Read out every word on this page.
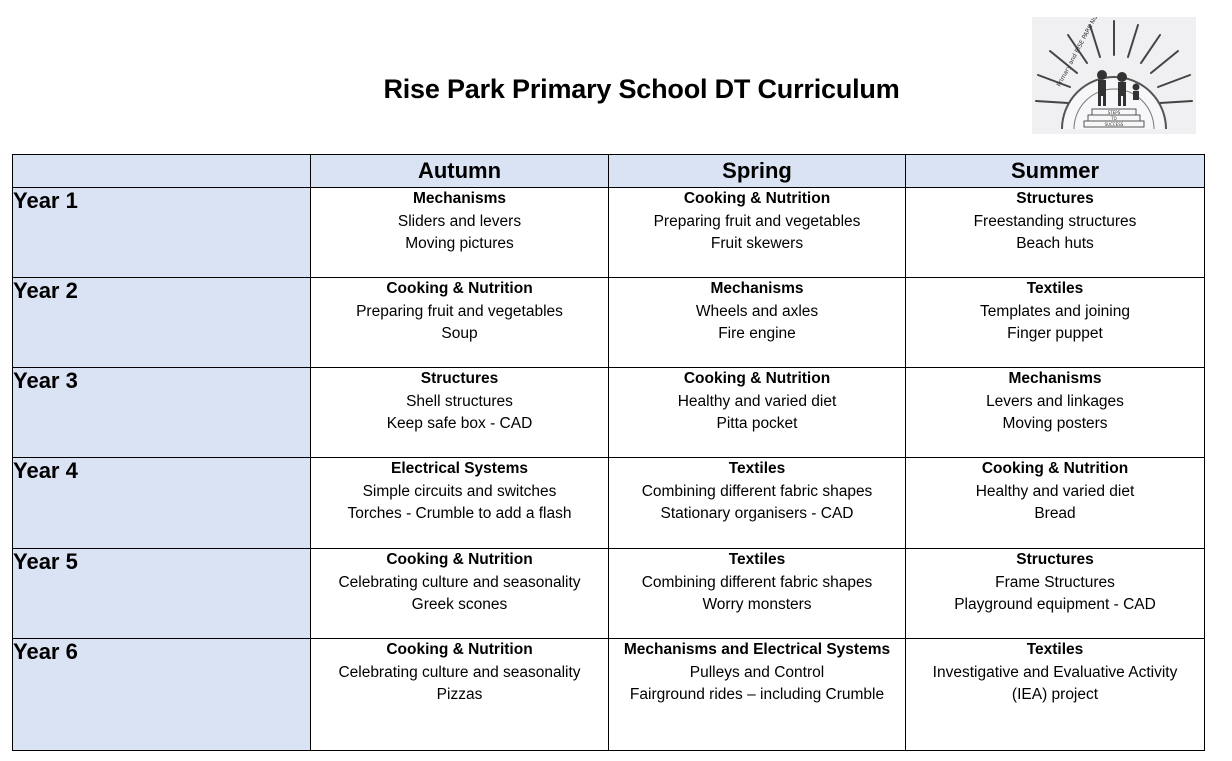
Rise Park Primary School DT Curriculum
STEPS
TO
SUCCESS
	Autumn	Spring	Summer
Year 1	Mechanisms
Sliders and levers
Moving pictures	Cooking & Nutrition
Preparing fruit and vegetables
Fruit skewers	Structures
Freestanding structures
Beach huts

Year 2	Cooking & Nutrition
Preparing fruit and vegetables
Soup	Mechanisms
Wheels and axles
Fire engine	Textiles
Templates and joining
Finger puppet

Year 3	Structures
Shell structures
Keep safe box - CAD	Cooking & Nutrition
Healthy and varied diet
Pitta pocket	Mechanisms
Levers and linkages
Moving posters

Year 4	Electrical Systems
Simple circuits and switches
Torches - Crumble to add a flash	Textiles
Combining different fabric shapes
Stationary organisers - CAD	Cooking & Nutrition
Healthy and varied diet
Bread

Year 5	Cooking & Nutrition
Celebrating culture and seasonality
Greek scones	Textiles
Combining different fabric shapes
Worry monsters	Structures
Frame Structures
Playground equipment - CAD

Year 6	Cooking & Nutrition
Celebrating culture and seasonality
Pizzas	Mechanisms and Electrical Systems
Pulleys and Control
Fairground rides – including Crumble	Textiles
Investigative and Evaluative Activity
(IEA) project
